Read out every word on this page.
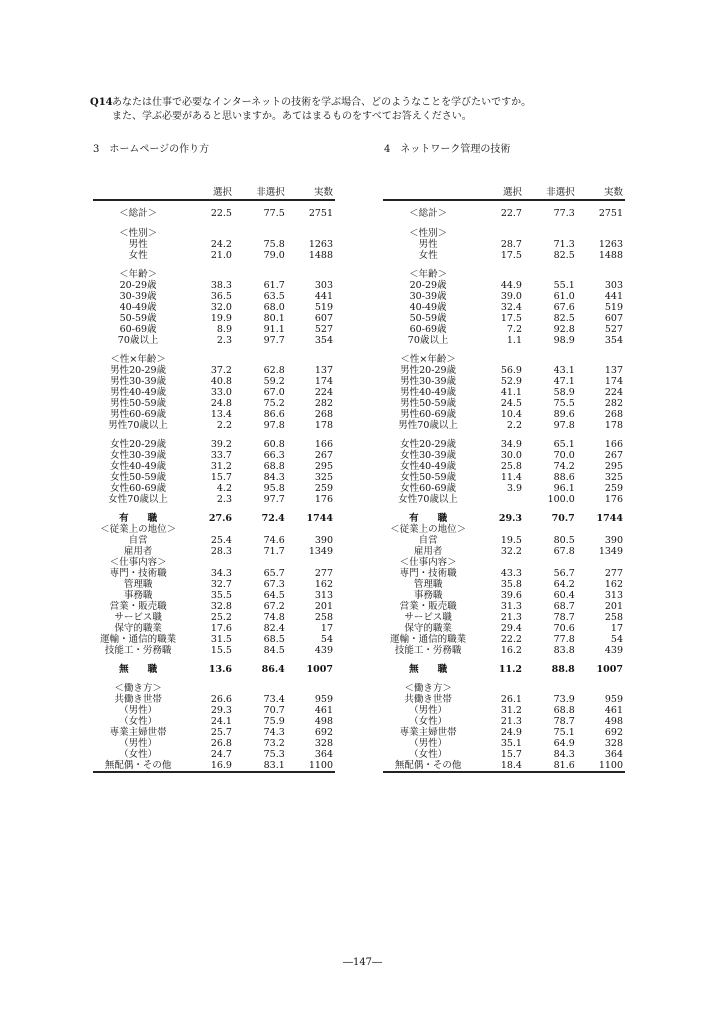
Q14あなたは仕事で必要なインターネットの技術を学ぶ場合、どのようなことを学びたいですか。
また、学ぶ必要があると思いますか。あてはまるものをすべてお答えください。
3　ホームページの作り方	4　ネットワーク管理の技術
	選択	非選択	実数

＜総計＞	22.5	77.5	2751

＜性別＞			
男性	24.2	75.8	1263
女性	21.0	79.0	1488

＜年齢＞			
20-29歳	38.3	61.7	303
30-39歳	36.5	63.5	441
40-49歳	32.0	68.0	519
50-59歳	19.9	80.1	607
60-69歳	8.9	91.1	527
70歳以上	2.3	97.7	354

＜性×年齢＞			
男性20-29歳	37.2	62.8	137
男性30-39歳	40.8	59.2	174
男性40-49歳	33.0	67.0	224
男性50-59歳	24.8	75.2	282
男性60-69歳	13.4	86.6	268
男性70歳以上	2.2	97.8	178

女性20-29歳	39.2	60.8	166
女性30-39歳	33.7	66.3	267
女性40-49歳	31.2	68.8	295
女性50-59歳	15.7	84.3	325
女性60-69歳	4.2	95.8	259
女性70歳以上	2.3	97.7	176

有　　職	27.6	72.4	1744
＜従業上の地位＞			
自営	25.4	74.6	390
雇用者	28.3	71.7	1349
＜仕事内容＞			
専門・技術職	34.3	65.7	277
管理職	32.7	67.3	162
事務職	35.5	64.5	313
営業・販売職	32.8	67.2	201
サービス職	25.2	74.8	258
保守的職業	17.6	82.4	17
運輸・通信的職業	31.5	68.5	54
技能工・労務職	15.5	84.5	439

無　　職	13.6	86.4	1007

＜働き方＞			
共働き世帯	26.6	73.4	959
（男性）	29.3	70.7	461
（女性）	24.1	75.9	498
専業主婦世帯	25.7	74.3	692
（男性）	26.8	73.2	328
（女性）	24.7	75.3	364
無配偶・その他	16.9	83.1	1100
	選択	非選択	実数

＜総計＞	22.7	77.3	2751

＜性別＞			
男性	28.7	71.3	1263
女性	17.5	82.5	1488

＜年齢＞			
20-29歳	44.9	55.1	303
30-39歳	39.0	61.0	441
40-49歳	32.4	67.6	519
50-59歳	17.5	82.5	607
60-69歳	7.2	92.8	527
70歳以上	1.1	98.9	354

＜性×年齢＞			
男性20-29歳	56.9	43.1	137
男性30-39歳	52.9	47.1	174
男性40-49歳	41.1	58.9	224
男性50-59歳	24.5	75.5	282
男性60-69歳	10.4	89.6	268
男性70歳以上	2.2	97.8	178

女性20-29歳	34.9	65.1	166
女性30-39歳	30.0	70.0	267
女性40-49歳	25.8	74.2	295
女性50-59歳	11.4	88.6	325
女性60-69歳	3.9	96.1	259
女性70歳以上		100.0	176

有　　職	29.3	70.7	1744
＜従業上の地位＞			
自営	19.5	80.5	390
雇用者	32.2	67.8	1349
＜仕事内容＞			
専門・技術職	43.3	56.7	277
管理職	35.8	64.2	162
事務職	39.6	60.4	313
営業・販売職	31.3	68.7	201
サービス職	21.3	78.7	258
保守的職業	29.4	70.6	17
運輸・通信的職業	22.2	77.8	54
技能工・労務職	16.2	83.8	439

無　　職	11.2	88.8	1007

＜働き方＞			
共働き世帯	26.1	73.9	959
（男性）	31.2	68.8	461
（女性）	21.3	78.7	498
専業主婦世帯	24.9	75.1	692
（男性）	35.1	64.9	328
（女性）	15.7	84.3	364
無配偶・その他	18.4	81.6	1100
―147―
